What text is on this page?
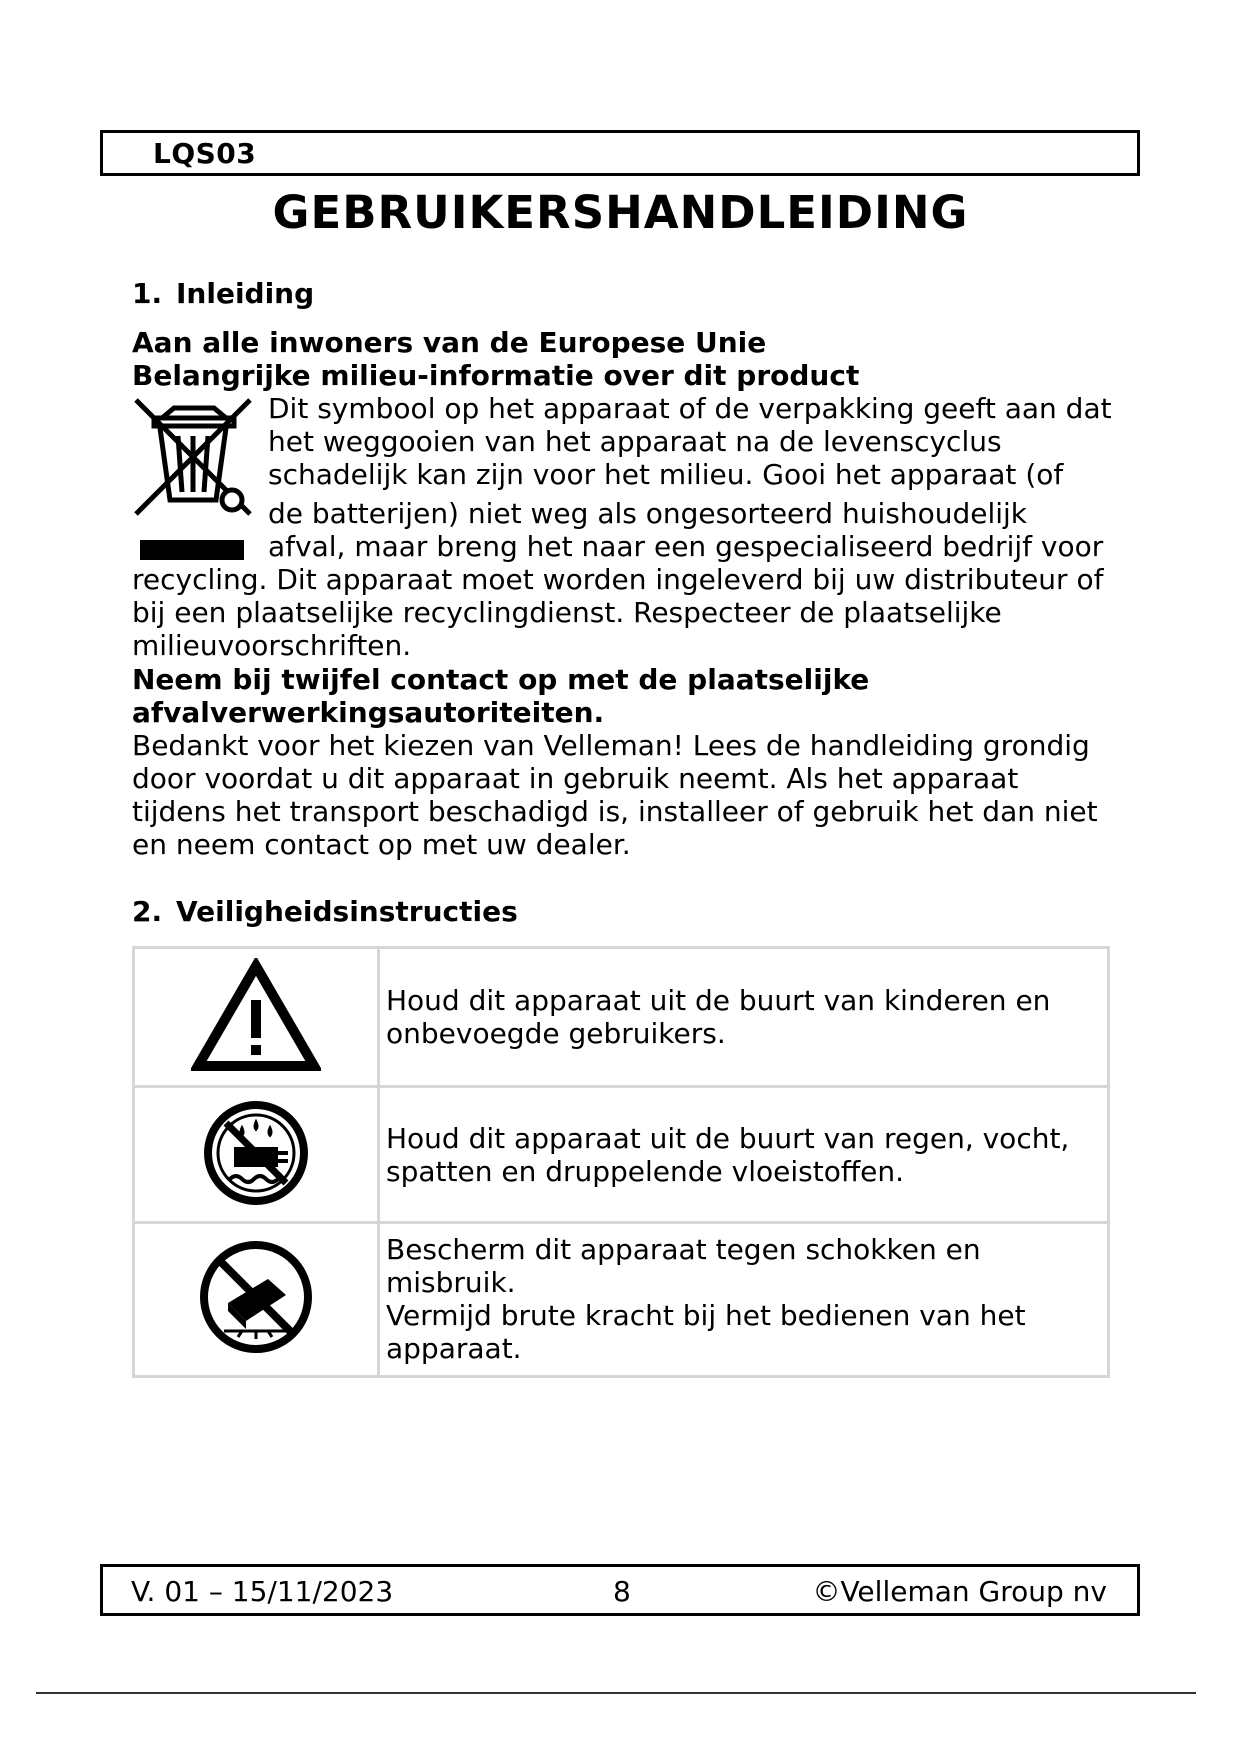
LQS03
GEBRUIKERSHANDLEIDING
1. Inleiding
Aan alle inwoners van de Europese Unie
Belangrijke milieu-informatie over dit product
Dit symbool op het apparaat of de verpakking geeft aan dat
het weggooien van het apparaat na de levenscyclus
schadelijk kan zijn voor het milieu. Gooi het apparaat (of
de batterijen) niet weg als ongesorteerd huishoudelijk
afval, maar breng het naar een gespecialiseerd bedrijf voor
recycling. Dit apparaat moet worden ingeleverd bij uw distributeur of
bij een plaatselijke recyclingdienst. Respecteer de plaatselijke
milieuvoorschriften.
Neem bij twijfel contact op met de plaatselijke
afvalverwerkingsautoriteiten.
Bedankt voor het kiezen van Velleman! Lees de handleiding grondig
door voordat u dit apparaat in gebruik neemt. Als het apparaat
tijdens het transport beschadigd is, installeer of gebruik het dan niet
en neem contact op met uw dealer.
2. Veiligheidsinstructies

Houd dit apparaat uit de buurt van kinderen en
onbevoegde gebruikers.

Houd dit apparaat uit de buurt van regen, vocht,
spatten en druppelende vloeistoffen.

Bescherm dit apparaat tegen schokken en misbruik.
Vermijd brute kracht bij het bedienen van het
apparaat.
V. 01 – 15/11/2023	8	©Velleman Group nv
